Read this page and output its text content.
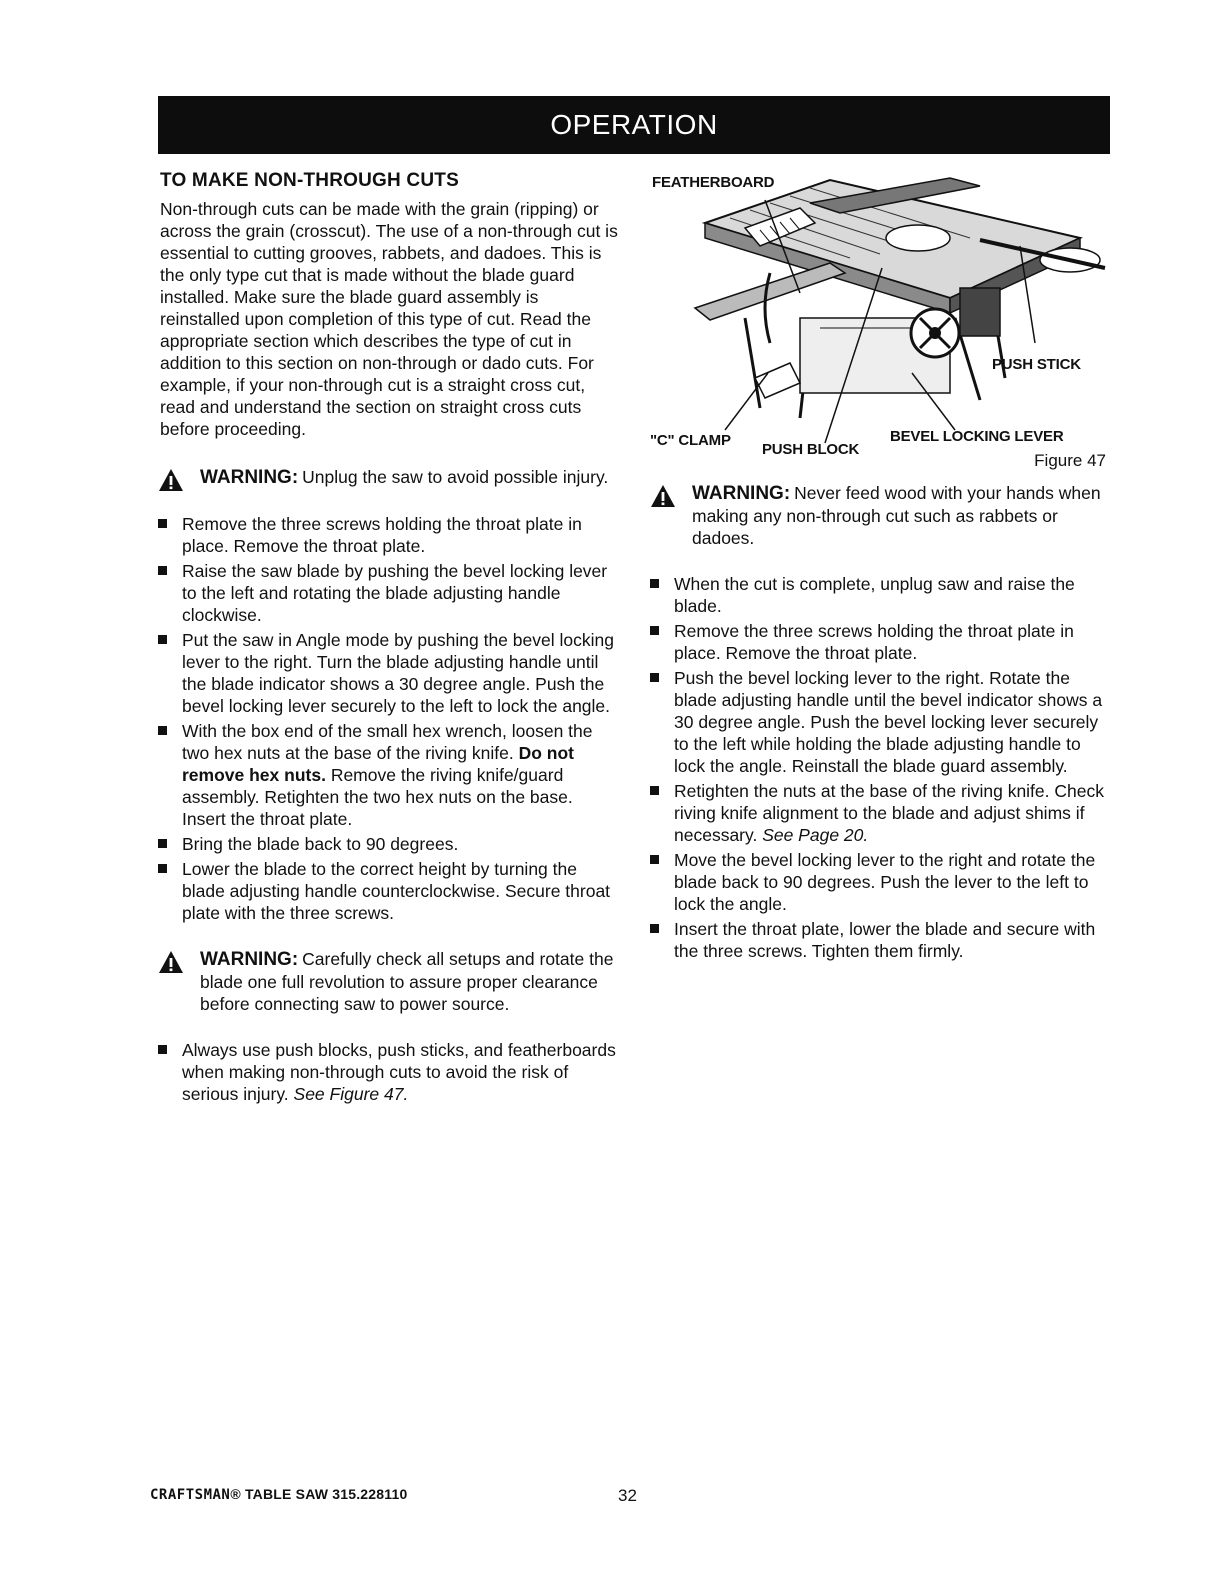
OPERATION
TO MAKE NON-THROUGH CUTS

Non-through cuts can be made with the grain (ripping) or across the grain (crosscut). The use of a non-through cut is essential to cutting grooves, rabbets, and dadoes. This is the only type cut that is made without the blade guard installed. Make sure the blade guard assembly is reinstalled upon completion of this type of cut. Read the appropriate section which describes the type of cut in addition to this section on non-through or dado cuts. For example, if your non-through cut is a straight cross cut, read and understand the section on straight cross cuts before proceeding.

WARNING: Unplug the saw to avoid possible injury.
Remove the three screws holding the throat plate in place. Remove the throat plate.
Raise the saw blade by pushing the bevel locking lever to the left and rotating the blade adjusting handle clockwise.
Put the saw in Angle mode by pushing the bevel locking lever to the right. Turn the blade adjusting handle until the blade indicator shows a 30 degree angle. Push the bevel locking lever securely to the left to lock the angle.
With the box end of the small hex wrench, loosen the two hex nuts at the base of the riving knife. Do not remove hex nuts. Remove the riving knife/guard assembly. Retighten the two hex nuts on the base. Insert the throat plate.
Bring the blade back to 90 degrees.
Lower the blade to the correct height by turning the blade adjusting handle counterclockwise. Secure throat plate with the three screws.
WARNING: Carefully check all setups and rotate the blade one full revolution to assure proper clearance before connecting saw to power source.
Always use push blocks, push sticks, and featherboards when making non-through cuts to avoid the risk of serious injury. See Figure 47.
FEATHERBOARD
PUSH STICK
"C" CLAMP
PUSH BLOCK
BEVEL LOCKING LEVER
Figure 47
WARNING: Never feed wood with your hands when making any non-through cut such as rabbets or dadoes.
When the cut is complete, unplug saw and raise the blade.
Remove the three screws holding the throat plate in place. Remove the throat plate.
Push the bevel locking lever to the right. Rotate the blade adjusting handle until the bevel indicator shows a 30 degree angle. Push the bevel locking lever securely to the left while holding the blade adjusting handle to lock the angle. Reinstall the blade guard assembly.
Retighten the nuts at the base of the riving knife. Check riving knife alignment to the blade and adjust shims if necessary. See Page 20.
Move the bevel locking lever to the right and rotate the blade back to 90 degrees. Push the lever to the left to lock the angle.
Insert the throat plate, lower the blade and secure with the three screws. Tighten them firmly.
CRAFTSMAN® TABLE SAW 315.228110	32
